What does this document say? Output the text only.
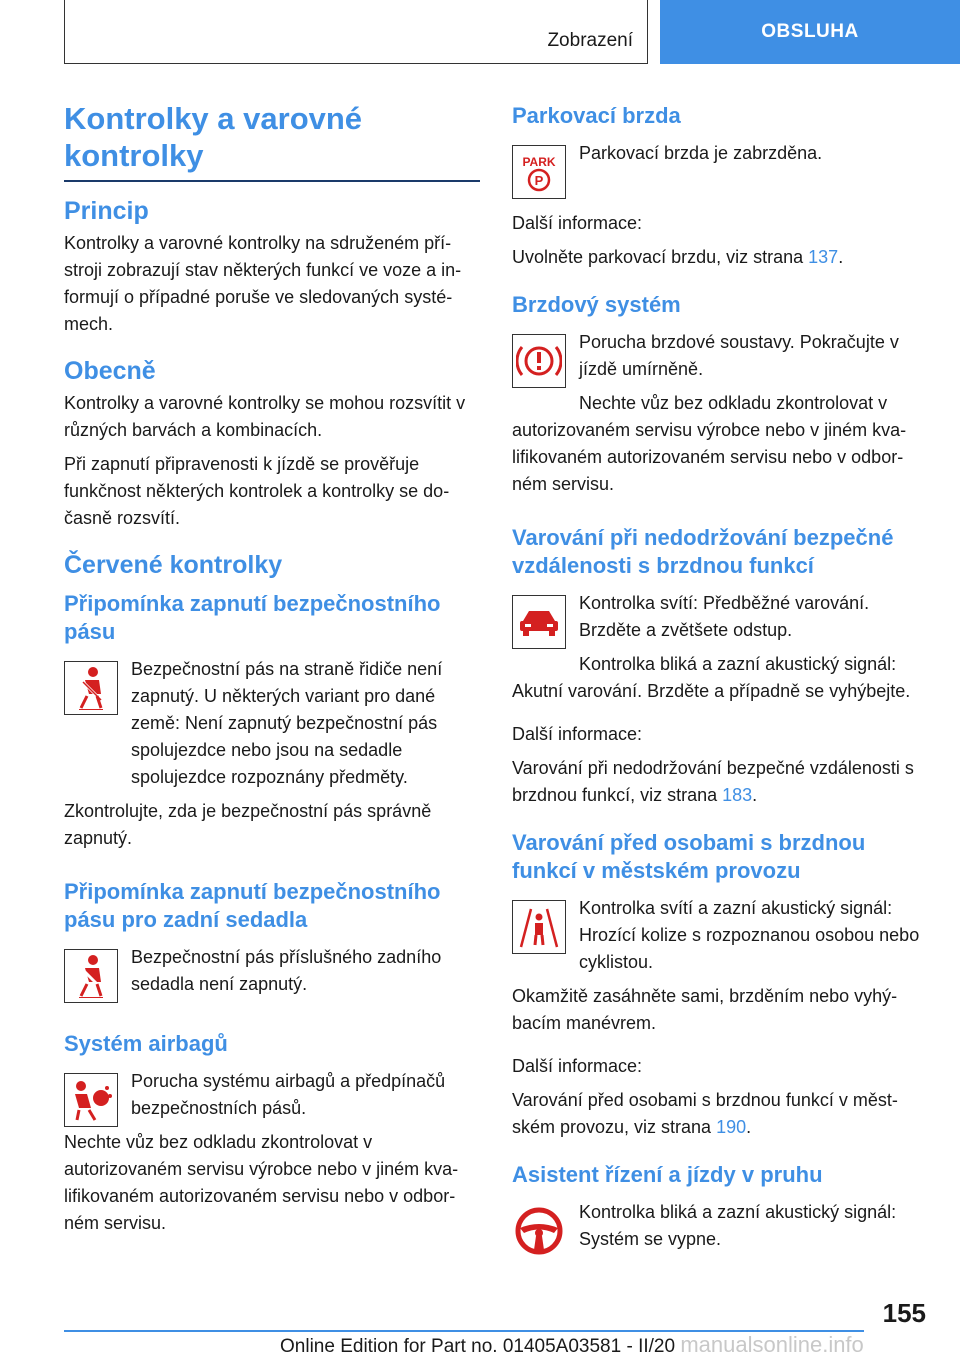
Zobrazení	OBSLUHA
Kontrolky a varovné
kontrolky
Princip

Kontrolky a varovné kontrolky na sdruženém pří-stroji zobrazují stav některých funkcí ve voze a in-formují o případné poruše ve sledovaných systé-mech.

Obecně

Kontrolky a varovné kontrolky se mohou rozsvítit v různých barvách a kombinacích.

Při zapnutí připravenosti k jízdě se prověřuje funkčnost některých kontrolek a kontrolky se do-časně rozsvítí.

Červené kontrolky
Připomínka zapnutí bezpečnostního pásu

Bezpečnostní pás na straně řidiče není zapnutý. U některých variant pro dané země: Není zapnutý bezpečnostní pás spolujezdce nebo jsou na sedadle spolujezdce rozpoznány předměty.

Zkontrolujte, zda je bezpečnostní pás správně zapnutý.

Připomínka zapnutí bezpečnostního pásu pro zadní sedadla

Bezpečnostní pás příslušného zadního sedadla není zapnutý.

Systém airbagů

Porucha systému airbagů a předpínačů bezpečnostních pásů.

Nechte vůz bez odkladu zkontrolovat v autorizovaném servisu výrobce nebo v jiném kva-lifikovaném autorizovaném servisu nebo v odbor-ném servisu.

Parkovací brzda
PARK
P

Parkovací brzda je zabrzděna.

Další informace:

Uvolněte parkovací brzdu, viz strana 137.

Brzdový systém

Porucha brzdové soustavy. Pokračujte v jízdě umírněně.

Nechte vůz bez odkladu zkontrolovat v autorizovaném servisu výrobce nebo v jiném kva-lifikovaném autorizovaném servisu nebo v odbor-ném servisu.

Varování při nedodržování bezpečné vzdálenosti s brzdnou funkcí

Kontrolka svítí: Předběžné varování. Brzděte a zvětšete odstup.

Kontrolka bliká a zazní akustický signál: Akutní varování. Brzděte a případně se vyhýbejte.

Další informace:

Varování při nedodržování bezpečné vzdálenosti s brzdnou funkcí, viz strana 183.

Varování před osobami s brzdnou funkcí v městském provozu

Kontrolka svítí a zazní akustický signál: Hrozící kolize s rozpoznanou osobou nebo cyklistou.

Okamžitě zasáhněte sami, brzděním nebo vyhý-bacím manévrem.

Další informace:

Varování před osobami s brzdnou funkcí v měst-ském provozu, viz strana 190.

Asistent řízení a jízdy v pruhu

Kontrolka bliká a zazní akustický signál: Systém se vypne.

155
Online Edition for Part no. 01405A03581 - II/20 manualsonline.info
